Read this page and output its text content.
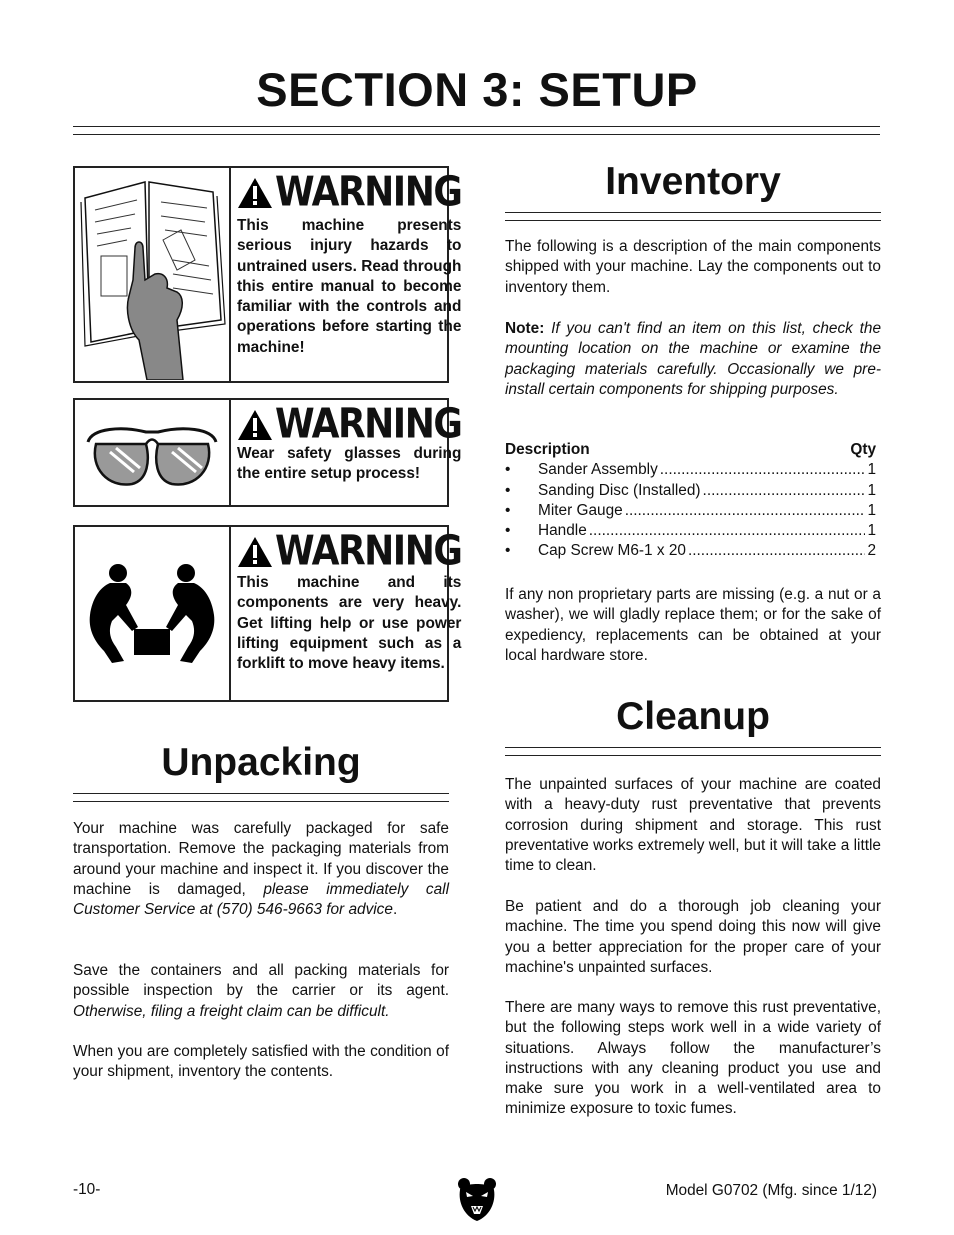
SECTION 3: SETUP
WARNING

This machine presents serious injury hazards to untrained users. Read through this entire manual to become familiar with the controls and operations before starting the machine!

WARNING

Wear safety glasses during the entire setup process!

WARNING

This machine and its components are very heavy. Get lifting help or use power lifting equipment such as a forklift to move heavy items.

Unpacking

Your machine was carefully packaged for safe transportation. Remove the packaging materials from around your machine and inspect it. If you discover the machine is damaged, please immediately call Customer Service at (570) 546-9663 for advice.

Save the containers and all packing materials for possible inspection by the carrier or its agent. Otherwise, filing a freight claim can be difficult.

When you are completely satisfied with the condition of your shipment, inventory the contents.

Inventory

The following is a description of the main components shipped with your machine. Lay the components out to inventory them.

Note: If you can't find an item on this list, check the mounting location on the machine or examine the packaging materials carefully. Occasionally we pre-install certain components for shipping purposes.

Description	Qty
•	Sander Assembly .....	1
•	Sanding Disc (Installed) .....	1
•	Miter Gauge .....	1
•	Handle .....	1
•	Cap Screw M6-1 x 20 .....	2

If any non proprietary parts are missing (e.g. a nut or a washer), we will gladly replace them; or for the sake of expediency, replacements can be obtained at your local hardware store.

Cleanup

The unpainted surfaces of your machine are coated with a heavy-duty rust preventative that prevents corrosion during shipment and storage. This rust preventative works extremely well, but it will take a little time to clean.

Be patient and do a thorough job cleaning your machine. The time you spend doing this now will give you a better appreciation for the proper care of your machine's unpainted surfaces.

There are many ways to remove this rust preventative, but the following steps work well in a wide variety of situations. Always follow the manufacturer’s instructions with any cleaning product you use and make sure you work in a well-ventilated area to minimize exposure to toxic fumes.

-10-	Model G0702 (Mfg. since 1/12)
